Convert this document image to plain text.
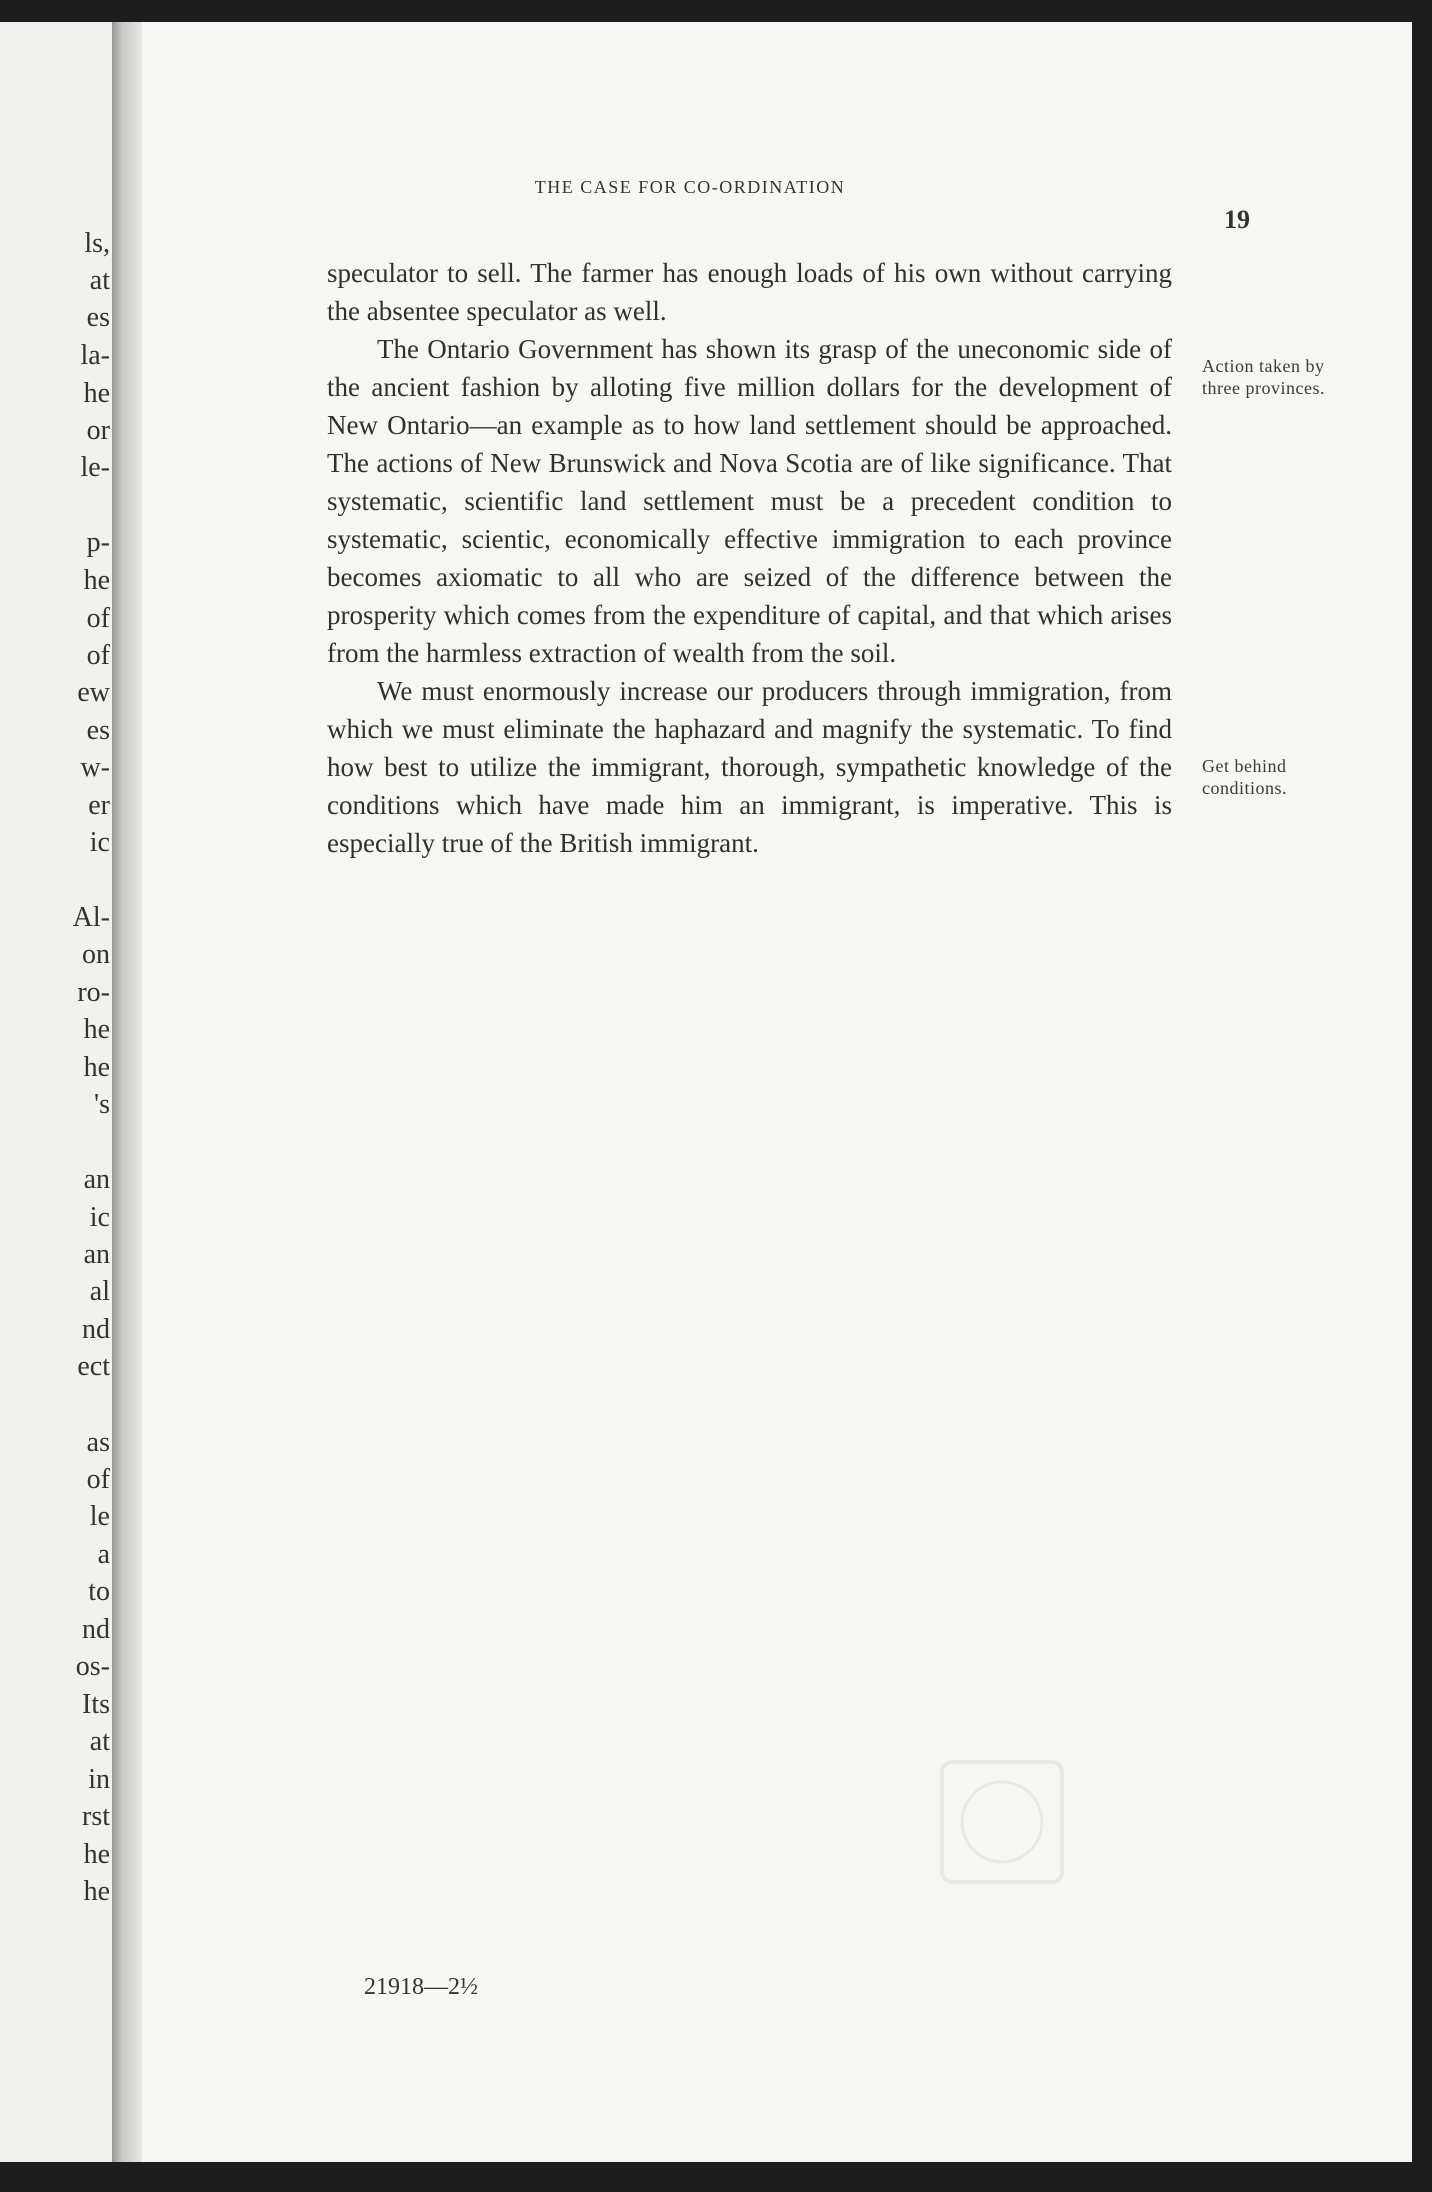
ls,
at
es
la-
he
or
le-
p-
he
of
of
ew
es
w-
er
ic
Al-
on
ro-
he
he
's
an
ic
an
al
nd
ect
as
of
le
a
to
nd
os-
Its
at
in
rst
he
he
THE CASE FOR CO-ORDINATION
19

speculator to sell. The farmer has enough loads of his own without carrying the absentee speculator as well.

The Ontario Government has shown its grasp of the uneconomic side of the ancient fashion by alloting five million dollars for the development of New Ontario—an example as to how land settlement should be approached. The actions of New Brunswick and Nova Scotia are of like significance. That systematic, scientific land settlement must be a precedent condition to systematic, scientic, economically effective immigration to each province becomes axiomatic to all who are seized of the difference between the prosperity which comes from the expenditure of capital, and that which arises from the harmless extraction of wealth from the soil.

We must enormously increase our producers through immigration, from which we must eliminate the haphazard and magnify the systematic. To find how best to utilize the immigrant, thorough, sympathetic knowledge of the conditions which have made him an immigrant, is imperative. This is especially true of the British immigrant.

Action taken by three provinces.
Get behind conditions.
21918—2½
